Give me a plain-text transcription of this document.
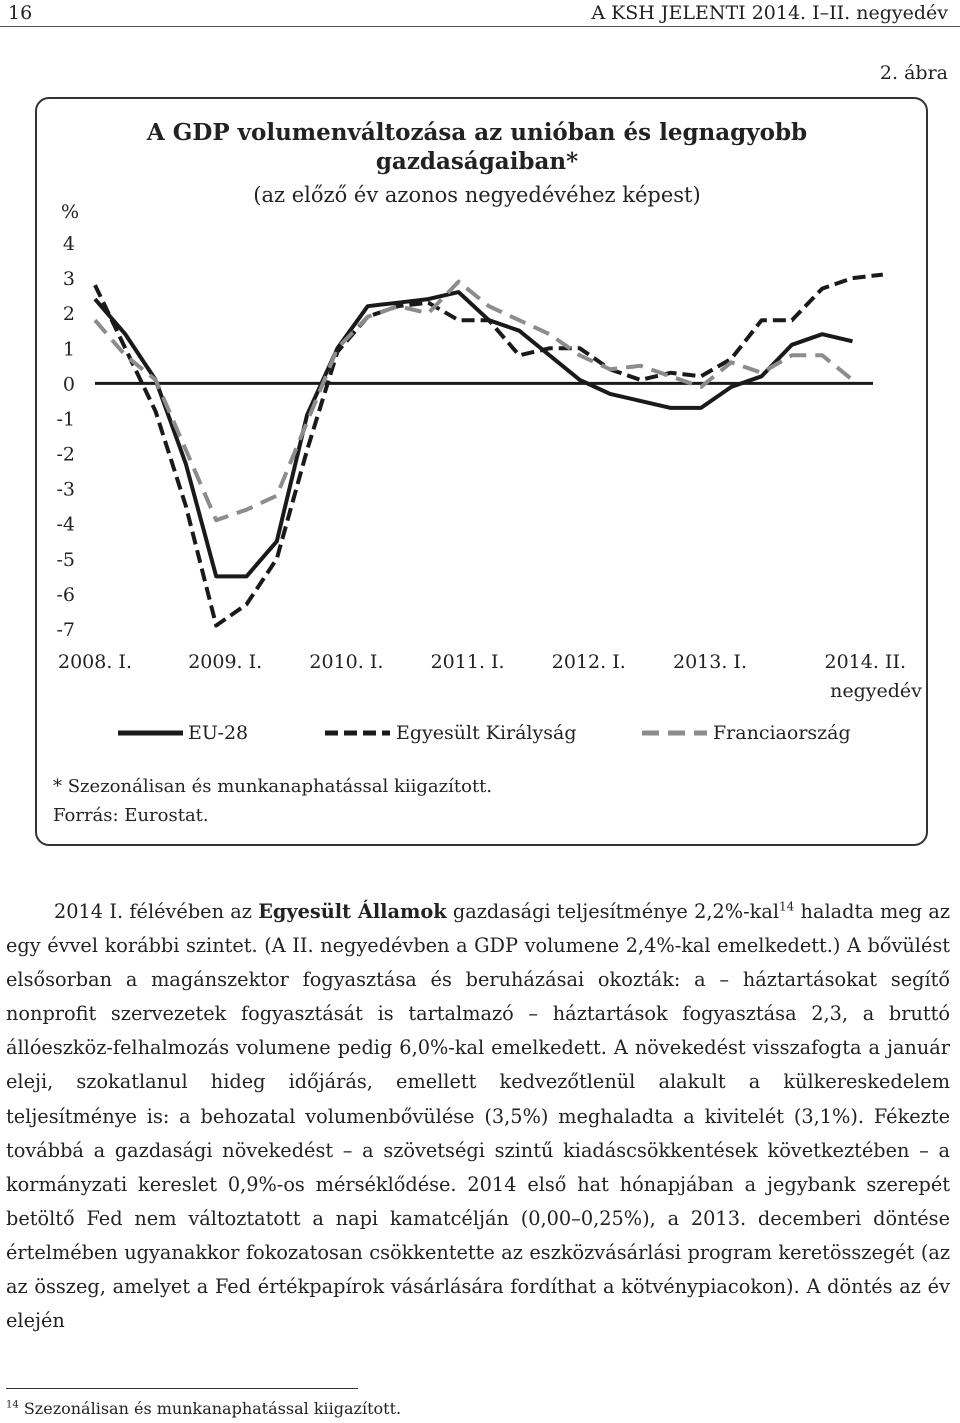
16	A KSH JELENTI 2014. I–II. negyedév
2. ábra
A GDP volumenváltozása az unióban és legnagyobb
gazdaságaiban*
(az előző év azonos negyedévéhez képest)
%
4
3
2
1
0
-1
-2
-3
-4
-5
-6
-7
2008. I.	2009. I. 2010. I. 2011. I. 2012. I. 2013. I.	2014. II.
negyedév
EU-28	Egyesült Királyság	Franciaország
* Szezonálisan és munkanaphatással kiigazított.
Forrás: Eurostat.
2014 I. félévében az Egyesült Államok gazdasági teljesítménye 2,2%-kal$^{14}$ haladta meg az egy évvel korábbi szintet. (A II. negyedévben a GDP volumene 2,4%-kal emelkedett.) A bővülést elsősorban a magánszektor fogyasztása és beruházásai okozták: a – háztartásokat segítő nonprofit szervezetek fogyasztását is tartalmazó – háztartások fogyasztása 2,3, a bruttó állóeszköz-felhalmozás volumene pedig 6,0%-kal emelkedett. A növekedést visszafogta a január eleji, szokatlanul hideg időjárás, emellett kedvezőtlenül alakult a külkereskedelem teljesítménye is: a behozatal volumenbővülése (3,5%) meghaladta a kivitelét (3,1%). Fékezte továbbá a gazdasági növekedést – a szövetségi szintű kiadáscsökkentések következtében – a kormányzati kereslet 0,9%-os mérséklődése. 2014 első hat hónapjában a jegybank szerepét betöltő Fed nem változtatott a napi kamatcélján (0,00–0,25%), a 2013. decemberi döntése értelmében ugyanakkor fokozatosan csökkentette az eszközvásárlási program keretösszegét (az az összeg, amelyet a Fed értékpapírok vásárlására fordíthat a kötvénypiacokon). A döntés az év elején
$^{14}$ Szezonálisan és munkanaphatással kiigazított.
